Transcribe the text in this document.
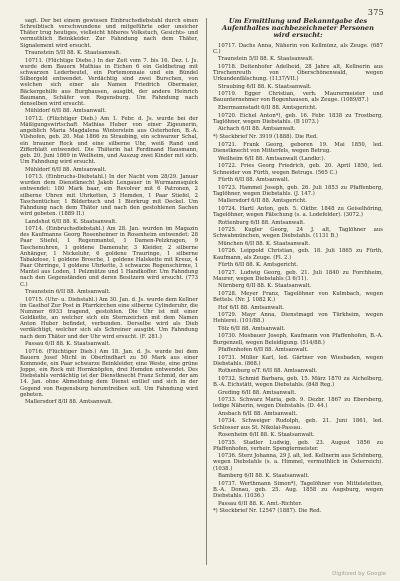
375

sagt. Der bei einem gewissen Einbruchsdiebstahl durch einen Schreibtisch verschwundene und mitgeführte oder unsicher Thäter trug heutiges, vielleicht höheres Volkstuch, Gesichts- und vermuthlich Beinkleider. Zur Fahndung nach dem Thäter, Signalement wird ersucht.

Traunstein 5/II 88. K. Staatsanwalt.

10711. (Flüchtige Diebe.) In der Zeit vom 7. bis 16. Dez. l. Js. wurde dem Bauern Mathias in Eichen 6 ein Geldbetrag mit schwarzen Lederbeutel, ein Portemonnaie und ein Bündel Silbergeld entwendet. Verdächtig sind zwei Burschen, von welchen sich einer als Namen Friedrich Obermaier, Bäckergehilfe aus Burghausen, ausgibt, der andere Heinrich Baumann, Schäfer von Regensburg. Um Fahndung nach denselben wird ersucht.

Mühldorf 6/II 88. Amtsanwalt.

10712. (Flüchtiger Dieb.) Am 1. Febr. d. Js. wurde bei der Mäßigungswirtschaft Mathias Huber von einer Zigeunerin, angeblich Maria Magdalena Winterstein aus Osterhofen, B.-A. Vilshofen, geb. 20. Mai 1866 zu Straubing, ein schwarzer Schal, ein brauner Rock und eine silberne Uhr, weiß Rand und Zifferblatt entwendet. Die Thäterin hat Ferdinand Hausmann, geb. 20. Juni 1869 in Weilheim, und Auszug zwei Kinder mit sich. Um Fahndung wird ersucht.

Mühldorf 6/II 88. Amtsanwalt.

10713. (Einbruchs-Diebstahl.) In der Nacht vom 28/29. Januar wurden dem Dienstknecht Jakob Lengauer in Wurmannsquick entwendet: 180 Mark baar, ein Revolver mit 6 Patronen, 2 silberne Uhren mit Uhrketten, 3 Hemden, 1 Paar Stiefel, 2 Taschentücher, 1 Bilderbuch und 1 Bierkrug mit Deckel. Um Fahndung nach dem Thäter und nach den gestohlenen Sachen wird gebeten. (1889 II.)

Landshut 6/II 88. K. Staatsanwalt.

10714. (Einbruchsdiebstahl.) Am 28. Jan. wurden im Magazin des Kaufmanns Georg Rosenheimer in Rosenheim entwendet: 28 Paar Stiefel, 1 Regenmantel, 1 Damen-Pelzkragen, 9 Taschenuhren, 1 goldene Damenuhr, 3 Kleider, 2 silberne Anhänger, 1 Nickeluhr, 6 goldene Trauringe, 1 silberne Tabakdose, 1 goldene Brosche, 1 goldene Halskette mit Kreuz, 4 Paar Ohrringe, 1 goldene Uhrkette, 3 schwarze Regenschirme, 1 Mantel aus Loden, 1 Pelzmütze und 1 Handkoffer. Um Fahndung nach den Gegenständen und deren Besitzern wird ersucht. (773 C.)

Traunstein 6/II 88. Amtsanwalt.

10715. (Uhr- u. Diebstahl.) Am 30. Jan. d. Js. wurde dem Kellner im Gasthof Zur Post in Pfarrkirchen eine silberne Cylinderuhr, die Nummer 6933 tragend, gestohlen. Die Uhr ist mit einer Goldkette, an welcher sich ein Sternzeichen mit dem Namen Anton Huber befindet, verbunden. Derselbe wird als Dieb verdächtigt, welcher sich als Schreiner ausgibt. Um Fahndung nach dem Thäter und der Uhr wird ersucht. (F. 281.)

Passau 6/II 88. K. Staatsanwalt.

10716. (Flüchtiger Dieb.) Am 18. Jan. d. Js. wurde bei dem Bauern Josef Michl in Oberlindhart zu 50 Mark aus einer Kommode, ein Paar schwarze Beinkleider, eine Weste, eine grüne Joppe, ein Rock mit Hornknöpfen, drei Hemden entwendet. Des Diebstahls verdächtig ist der Dienstknecht Franz Schmid, der am 14. Jan. ohne Abmeldung dem Dienst entlief und sich in der Gegend von Regensburg herumtreiben soll. Um Fahndung wird gebeten.

Mallersdorf 8/II 88. Amtsanwalt.

Um Ermittlung und Bekanntgabe des Aufenthaltes nachbezeichneter Personen wird ersucht:

10717. Dachs Anna, Näherin von Kellmünz, als Zeuge. (687 C.)

Traunstein 5/II 88. K. Staatsanwalt.

10718. Deitenhofer Adelheid, 28 Jahre alt, Kellnerin aus Tirschenreuth von Oberschönenwald, wegen Urkundenfälschung. (1137/VII.)

Straubing 6/II 88. K. Staatsanwalt.

10719. Egger Christian, verh. Maurermeister und Bauunternehmer von Bogenhausen, als Zeuge. (1089/87.)

Ebermannstadt 6/II 88. Amtsgericht.

10720. Eichel Anton*), geb. 16. Febr. 1838 zu Trostberg, Taglöhner, wegen Diebstahls. (B 1073.)

Aichach 6/II 88. Amtsanwalt.

*) Steckbrief Nr. 3919 (1888). Die Red.

10721. Frank Georg, geboren 19. Mai 1850, led. Dienstknecht von Mitterfels, wegen Betrug.

Weilheim 6/II 88. Amtsanwalt (Landkr.).

10722. Fries Georg Friedrich, geb. 20. April 1850, led. Schneider von Fürth, wegen Betrugs. (565 C.)

Fürth 6/II 88. Amtsanwalt.

10723. Hammel Joseph, geb. 26. Juli 1853 zu Pfaffenberg, Taglöhner, wegen Diebstahls. (J. 147.)

Mallersdorf 6/II 88. Amtsgericht.

10724. Hartl Anton, geb. 5. Oktbr. 1848 zu Geiselhöring, Tagelöhner, wegen Fälschung (s. a. Lodefelder). (3072.)

Rottenburg 6/II 88. Amtsanwalt.

10725. Kugler Georg, 24 J. alt, Taglöhner aus Schwabmünchen, wegen Diebstahls. (1131 B.)

München 6/II 88. K. Staatsanwalt.

10726. Leippold Christian, geb. 18. Juli 1865 zu Fürth, Kaufmann, als Zeuge. (Fl. 2.)

Fürth 6/II 88. K. Amtsgericht.

10727. Ludwig Georg, geb. 21. Juli 1840 zu Forchheim, Maurer, wegen Diebstahls (3 6/11).

Nürnberg 6/II 88. K. Staatsanwalt.

10728. Meyer Franz, Tagelöhner von Kulmbach, wegen Bettels. (Nr. J. 1082 K.)

Hof 6/II 88. Amtsanwalt.

10729. Mayr Anna, Dienstmagd von Türkheim, wegen Hehlerei. (101/88.)

Tölz 6/II 88. Amtsanwalt.

10730. Mosbauer Joseph, Kaufmann von Pfaffenhofen, B.-A. Burgenzell, wegen Beleidigung. (514/88.)

Pfaffenhofen 6/II 88. Amtsanwalt.

10731. Müller Karl, led. Gärtner von Wiesbaden, wegen Diebstahls. (868.)

Rothenburg o/T. 6/II 88. Amtsanwalt.

10732. Schmid Barbara, geb. 15. März 1870 zu Aichelberg, B.-A. Eichstätt, wegen Diebstahls. (848 Reg.)

Greding 6/II 88. Amtsanwalt.

10733. Schwarz Maria, geb. 9. Dezbr. 1867 zu Ebersberg, ledige Näherin, wegen Diebstahls. (D. 44.)

Ansbach 6/II 88. Amtsanwalt.

10734. Schweiger Rudolph, geb. 21. Juni 1861, led. Schlosser aus St. Nikolai-Passau.

Rosenheim 6/II 88. K. Staatsanwalt.

10735. Stadler Ludwig, geb. 23. August 1856 zu Pfaffenhofen, verheir. Spenglermeister.

10736. Sterz Johanna, 29 J. alt, led. Kellnerin aus Schönberg, wegen Diebstahls (s. a. Himmel, vermuthlich in Österreich). (1038.)

Bamberg 6/II 88. K. Staatsanwalt.

10737. Werthmann Simon*), Tagelöhner von Mittelstetten, B.-A. Donau, geb. 25. Aug. 1858 zu Augsburg, wegen Diebstahls. (1036.)

Passau 6/II 88. K. Amt.-Richter.

*) Steckbrief Nr. 12547 (1887). Die Red.

Digitized by Google
